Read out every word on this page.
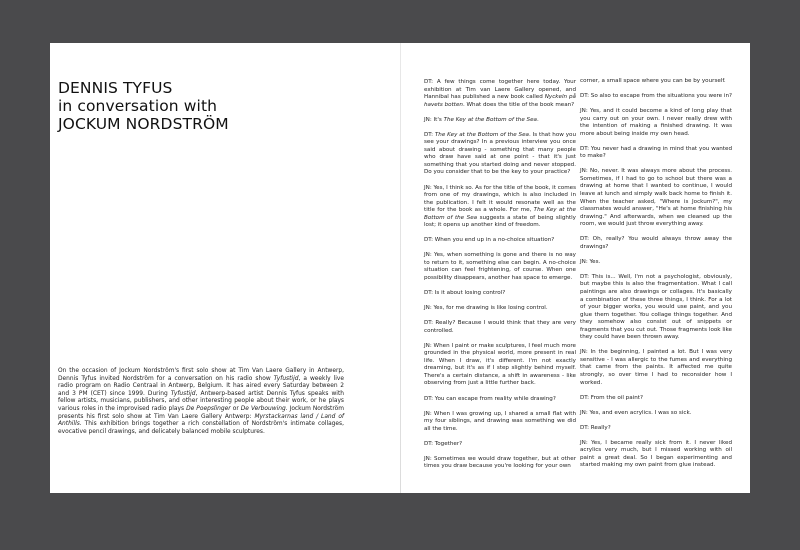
DENNIS TYFUS
in conversation with
JOCKUM NORDSTRÖM

On the occasion of Jockum Nordström's first solo show at Tim Van Laere Gallery in Antwerp, Dennis Tyfus invited Nordström for a conversation on his radio show Tyfustijd, a weekly live radio program on Radio Centraal in Antwerp, Belgium. It has aired every Saturday between 2 and 3 PM (CET) since 1999. During Tyfustijd, Antwerp-based artist Dennis Tyfus speaks with fellow artists, musicians, publishers, and other interesting people about their work, or he plays various roles in the improvised radio plays De Poepslinger or De Verbouwing. Jockum Nordström presents his first solo show at Tim Van Laere Gallery Antwerp: Myrstackarnas land / Land of Anthills. This exhibition brings together a rich constellation of Nordström's intimate collages, evocative pencil drawings, and delicately balanced mobile sculptures.

DT: A few things come together here today. Your exhibition at Tim van Laere Gallery opened, and Hannibal has published a new book called Nyckeln på havets botten. What does the title of the book mean?

JN: It's The Key at the Bottom of the Sea.

DT: The Key at the Bottom of the Sea. Is that how you see your drawings? In a previous interview you once said about drawing - something that many people who draw have said at one point - that it's just something that you started doing and never stopped. Do you consider that to be the key to your practice?

JN: Yes, I think so. As for the title of the book, it comes from one of my drawings, which is also included in the publication. I felt it would resonate well as the title for the book as a whole. For me, The Key at the Bottom of the Sea suggests a state of being slightly lost; it opens up another kind of freedom.

DT: When you end up in a no-choice situation?

JN: Yes, when something is gone and there is no way to return to it, something else can begin. A no-choice situation can feel frightening, of course. When one possibility disappears, another has space to emerge.

DT: Is it about losing control?

JN: Yes, for me drawing is like losing control.

DT: Really? Because I would think that they are very controlled.

JN: When I paint or make sculptures, I feel much more grounded in the physical world, more present in real life. When I draw, it's different. I'm not exactly dreaming, but it's as if I step slightly behind myself. There's a certain distance, a shift in awareness - like observing from just a little further back.

DT: You can escape from reality while drawing?

JN: When I was growing up, I shared a small flat with my four siblings, and drawing was something we did all the time.

DT: Together?

JN: Sometimes we would draw together, but at other times you draw because you're looking for your own

corner, a small space where you can be by yourself.

DT: So also to escape from the situations you were in?

JN: Yes, and it could become a kind of long play that you carry out on your own. I never really drew with the intention of making a finished drawing. It was more about being inside my own head.

DT: You never had a drawing in mind that you wanted to make?

JN: No, never. It was always more about the process. Sometimes, if I had to go to school but there was a drawing at home that I wanted to continue, I would leave at lunch and simply walk back home to finish it. When the teacher asked, "Where is Jockum?", my classmates would answer, "He's at home finishing his drawing." And afterwards, when we cleaned up the room, we would just throw everything away.

DT: Oh, really? You would always throw away the drawings?

JN: Yes.

DT: This is... Well, I'm not a psychologist, obviously, but maybe this is also the fragmentation. What I call paintings are also drawings or collages. It's basically a combination of these three things, I think. For a lot of your bigger works, you would use paint, and you glue them together. You collage things together. And they somehow also consist out of snippets or fragments that you cut out. Those fragments look like they could have been thrown away.

JN: In the beginning, I painted a lot. But I was very sensitive - I was allergic to the fumes and everything that came from the paints. It affected me quite strongly, so over time I had to reconsider how I worked.

DT: From the oil paint?

JN: Yes, and even acrylics. I was so sick.

DT: Really?

JN: Yes, I became really sick from it. I never liked acrylics very much, but I missed working with oil paint a great deal. So I began experimenting and started making my own paint from glue instead.
